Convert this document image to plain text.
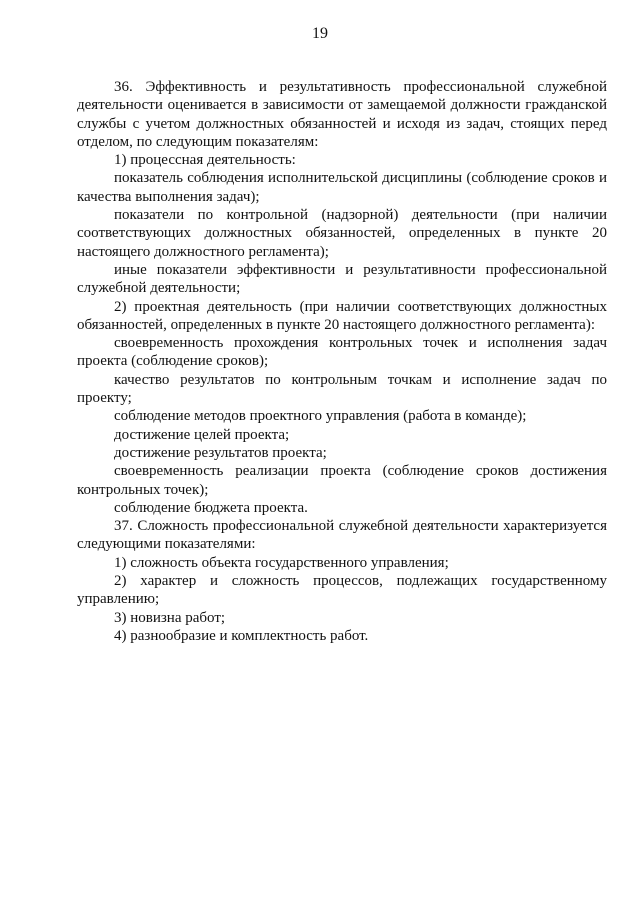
19

36. Эффективность и результативность профессиональной служебной деятельности оценивается в зависимости от замещаемой должности гражданской службы с учетом должностных обязанностей и исходя из задач, стоящих перед отделом, по следующим показателям:

1) процессная деятельность:

показатель соблюдения исполнительской дисциплины (соблюдение сроков и качества выполнения задач);

показатели по контрольной (надзорной) деятельности (при наличии соответствующих должностных обязанностей, определенных в пункте 20 настоящего должностного регламента);

иные показатели эффективности и результативности профессиональной служебной деятельности;

2) проектная деятельность (при наличии соответствующих должностных обязанностей, определенных в пункте 20 настоящего должностного регламента):

своевременность прохождения контрольных точек и исполнения задач проекта (соблюдение сроков);

качество результатов по контрольным точкам и исполнение задач по проекту;

соблюдение методов проектного управления (работа в команде);

достижение целей проекта;

достижение результатов проекта;

своевременность реализации проекта (соблюдение сроков достижения контрольных точек);

соблюдение бюджета проекта.

37. Сложность профессиональной служебной деятельности характеризуется следующими показателями:

1) сложность объекта государственного управления;

2) характер и сложность процессов, подлежащих государственному управлению;

3) новизна работ;

4) разнообразие и комплектность работ.
